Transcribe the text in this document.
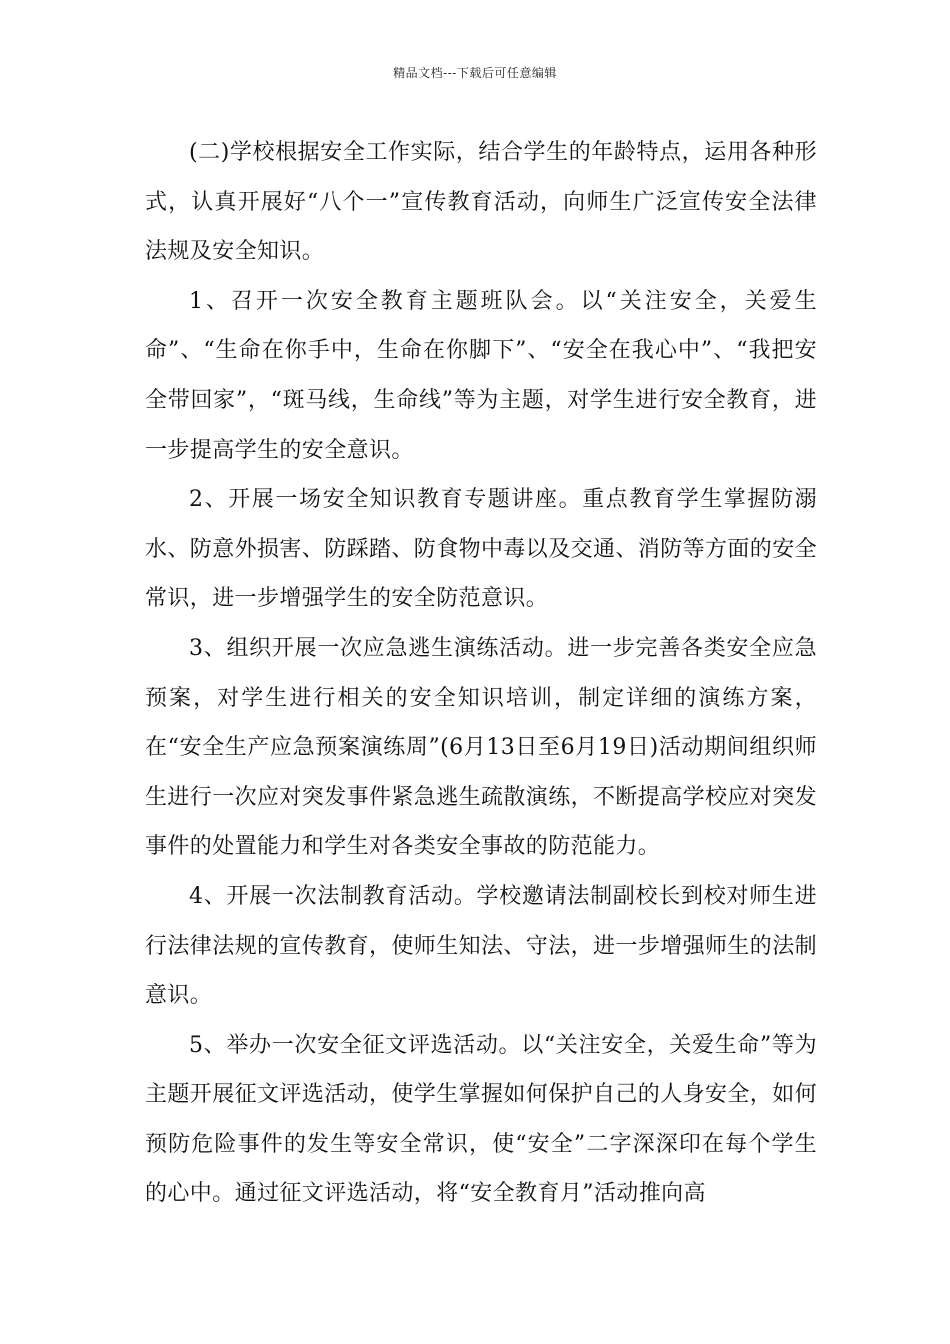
精品文档---下载后可任意编辑

(二)学校根据安全工作实际，结合学生的年龄特点，运用各种形式，认真开展好“八个一”宣传教育活动，向师生广泛宣传安全法律法规及安全知识。

1、召开一次安全教育主题班队会。以“关注安全，关爱生命”、“生命在你手中，生命在你脚下”、“安全在我心中”、“我把安全带回家”，“斑马线，生命线”等为主题，对学生进行安全教育，进一步提高学生的安全意识。

2、开展一场安全知识教育专题讲座。重点教育学生掌握防溺水、防意外损害、防踩踏、防食物中毒以及交通、消防等方面的安全常识，进一步增强学生的安全防范意识。

3、组织开展一次应急逃生演练活动。进一步完善各类安全应急预案，对学生进行相关的安全知识培训，制定详细的演练方案，在“安全生产应急预案演练周”(6月13日至6月19日)活动期间组织师生进行一次应对突发事件紧急逃生疏散演练，不断提高学校应对突发事件的处置能力和学生对各类安全事故的防范能力。

4、开展一次法制教育活动。学校邀请法制副校长到校对师生进行法律法规的宣传教育，使师生知法、守法，进一步增强师生的法制意识。

5、举办一次安全征文评选活动。以“关注安全，关爱生命”等为主题开展征文评选活动，使学生掌握如何保护自己的人身安全，如何预防危险事件的发生等安全常识，使“安全”二字深深印在每个学生的心中。通过征文评选活动，将“安全教育月”活动推向高
